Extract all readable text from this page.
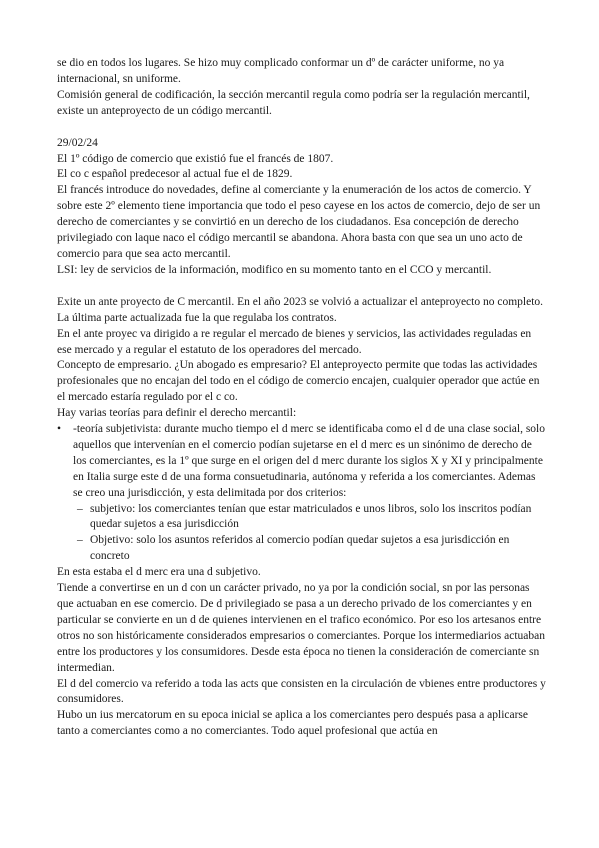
se dio en todos los lugares. Se hizo muy complicado conformar un dº de carácter uniforme, no ya internacional, sn uniforme.

Comisión general de codificación, la sección mercantil regula como podría ser la regulación mercantil, existe un anteproyecto de un código mercantil.

29/02/24

El 1º código de comercio que existió fue el francés de 1807.

El co c español predecesor al actual fue el de 1829.

El francés introduce do novedades, define al comerciante y la enumeración de los actos de comercio. Y sobre este 2º elemento tiene importancia que todo el peso cayese en los actos de comercio, dejo de ser un derecho de comerciantes y se convirtió en un derecho de los ciudadanos. Esa concepción de derecho privilegiado con laque naco el código mercantil se abandona. Ahora basta con que sea un uno acto de comercio para que sea acto mercantil.

LSI: ley de servicios de la información, modifico en su momento tanto en el CCO y mercantil.

Exite un ante proyecto de C mercantil. En el año 2023 se volvió a actualizar el anteproyecto no completo. La última parte actualizada fue la que regulaba los contratos.

En el ante proyec va dirigido a re regular el mercado de bienes y servicios, las actividades reguladas en ese mercado y a regular el estatuto de los operadores del mercado.

Concepto de empresario. ¿Un abogado es empresario? El anteproyecto permite que todas las actividades profesionales que no encajan del todo en el código de comercio encajen, cualquier operador que actúe en el mercado estaría regulado por el c co.

Hay varias teorías para definir el derecho mercantil:

• -teoría subjetivista: durante mucho tiempo el d merc se identificaba como el d de una clase social, solo aquellos que intervenían en el comercio podían sujetarse en el d merc es un sinónimo de derecho de los comerciantes, es la 1º que surge en el origen del d merc durante los siglos X y XI y principalmente en Italia surge este d de una forma consuetudinaria, autónoma y referida a los comerciantes. Ademas se creo una jurisdicción, y esta delimitada por dos criterios:
– subjetivo: los comerciantes tenían que estar matriculados e unos libros, solo los inscritos podían quedar sujetos a esa jurisdicción
– Objetivo: solo los asuntos referidos al comercio podían quedar sujetos a esa jurisdicción en concreto

En esta estaba el d merc era una d subjetivo.

Tiende a convertirse en un d con un carácter privado, no ya por la condición social, sn por las personas que actuaban en ese comercio. De d privilegiado se pasa a un derecho privado de los comerciantes y en particular se convierte en un d de quienes intervienen en el trafico económico. Por eso los artesanos entre otros no son históricamente considerados empresarios o comerciantes. Porque los intermediarios actuaban entre los productores y los consumidores. Desde esta época no tienen la consideración de comerciante sn intermedian.

El d del comercio va referido a toda las acts que consisten en la circulación de vbienes entre productores y consumidores.

Hubo un ius mercatorum en su epoca inicial se aplica a los comerciantes pero después pasa a aplicarse tanto a comerciantes como a no comerciantes. Todo aquel profesional que actúa en
